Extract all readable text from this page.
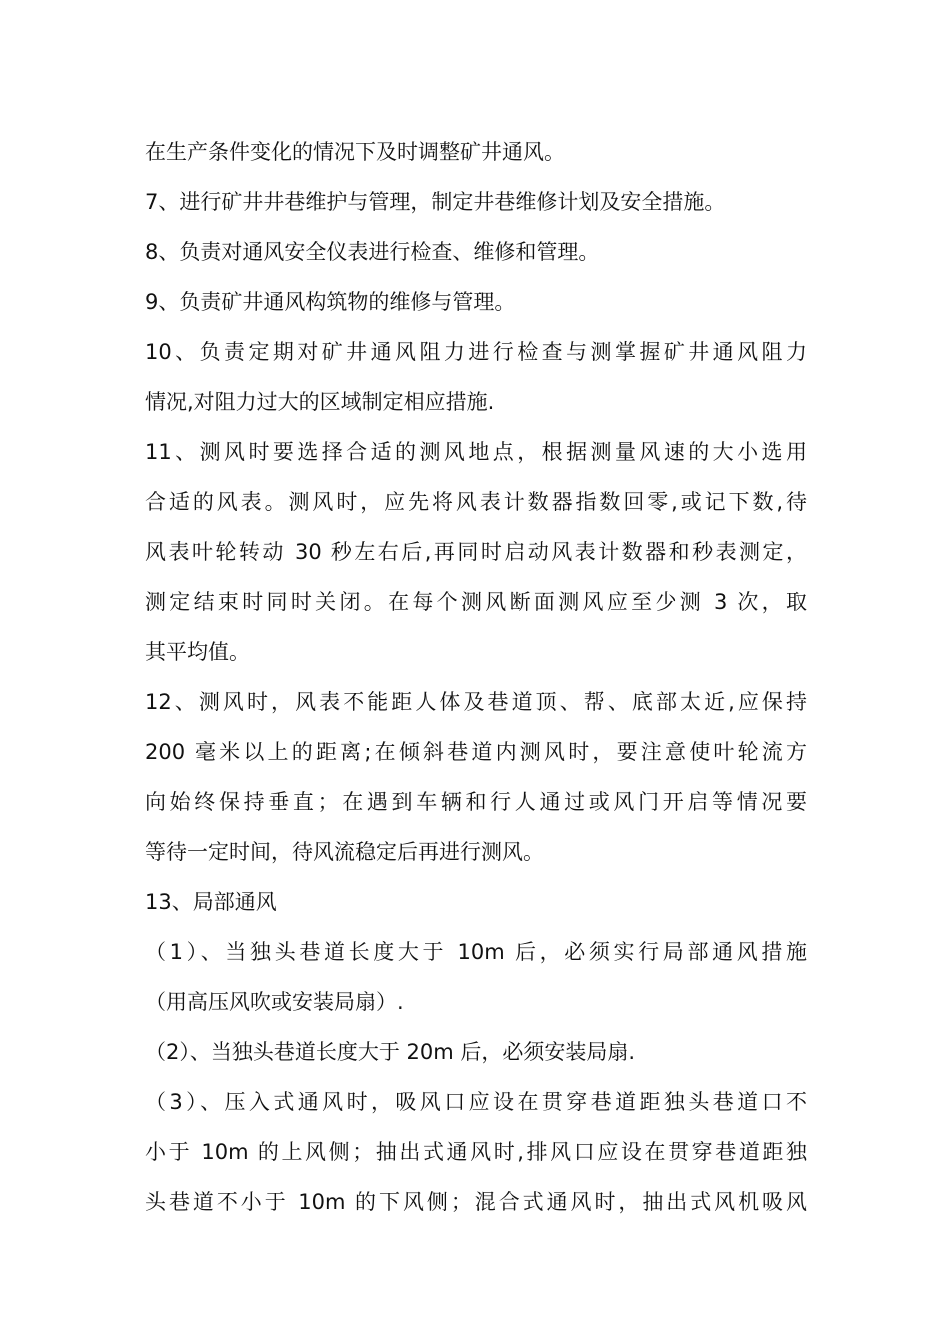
在生产条件变化的情况下及时调整矿井通风。
7、进行矿井井巷维护与管理，制定井巷维修计划及安全措施。
8、负责对通风安全仪表进行检查、维修和管理。
9、负责矿井通风构筑物的维修与管理。
10、负责定期对矿井通风阻力进行检查与测掌握矿井通风阻力
情况,对阻力过大的区域制定相应措施.
11、测风时要选择合适的测风地点，根据测量风速的大小选用
合适的风表。测风时，应先将风表计数器指数回零,或记下数,待
风表叶轮转动 30 秒左右后,再同时启动风表计数器和秒表测定，
测定结束时同时关闭。在每个测风断面测风应至少测 3 次，取
其平均值。
12、测风时，风表不能距人体及巷道顶、帮、底部太近,应保持
200 毫米以上的距离;在倾斜巷道内测风时，要注意使叶轮流方
向始终保持垂直；在遇到车辆和行人通过或风门开启等情况要
等待一定时间，待风流稳定后再进行测风。
13、局部通风
（1）、当独头巷道长度大于 10m 后，必须实行局部通风措施
（用高压风吹或安装局扇）.
（2）、当独头巷道长度大于 20m 后，必须安装局扇.
（3）、压入式通风时，吸风口应设在贯穿巷道距独头巷道口不
小于 10m 的上风侧；抽出式通风时,排风口应设在贯穿巷道距独
头巷道不小于 10m 的下风侧；混合式通风时，抽出式风机吸风
